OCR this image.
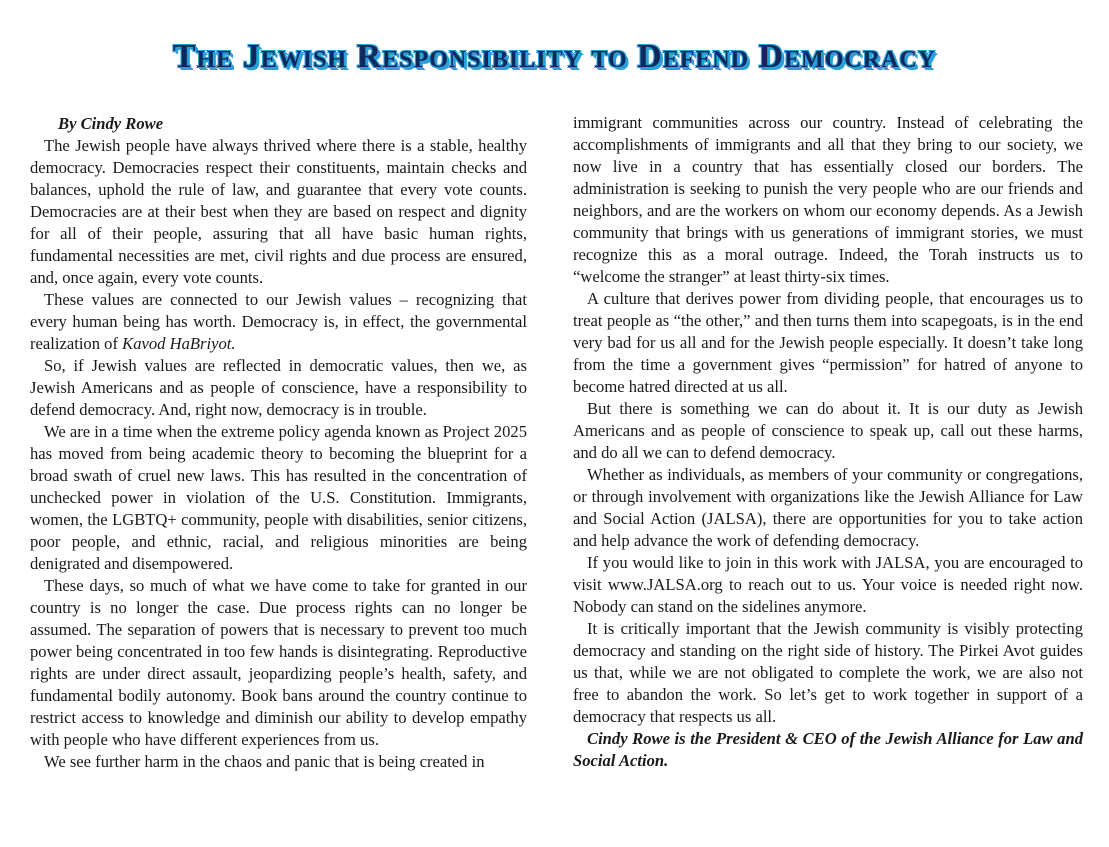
The Jewish Responsibility to Defend Democracy

By Cindy Rowe

The Jewish people have always thrived where there is a stable, healthy democracy. Democracies respect their constituents, maintain checks and balances, uphold the rule of law, and guarantee that every vote counts. Democracies are at their best when they are based on respect and dignity for all of their people, assuring that all have basic human rights, fundamental necessities are met, civil rights and due process are ensured, and, once again, every vote counts.

These values are connected to our Jewish values – recognizing that every human being has worth. Democracy is, in effect, the governmental realization of Kavod HaBriyot.

So, if Jewish values are reflected in democratic values, then we, as Jewish Americans and as people of conscience, have a responsibility to defend democracy. And, right now, democracy is in trouble.

We are in a time when the extreme policy agenda known as Project 2025 has moved from being academic theory to becoming the blueprint for a broad swath of cruel new laws. This has resulted in the concentration of unchecked power in violation of the U.S. Constitution. Immigrants, women, the LGBTQ+ community, people with disabilities, senior citizens, poor people, and ethnic, racial, and religious minorities are being denigrated and disempowered.

These days, so much of what we have come to take for granted in our country is no longer the case. Due process rights can no longer be assumed. The separation of powers that is necessary to prevent too much power being concentrated in too few hands is disintegrating. Reproductive rights are under direct assault, jeopardizing people’s health, safety, and fundamental bodily autonomy. Book bans around the country continue to restrict access to knowledge and diminish our ability to develop empathy with people who have different experiences from us.

We see further harm in the chaos and panic that is being created in

immigrant communities across our country. Instead of celebrating the accomplishments of immigrants and all that they bring to our society, we now live in a country that has essentially closed our borders. The administration is seeking to punish the very people who are our friends and neighbors, and are the workers on whom our economy depends. As a Jewish community that brings with us generations of immigrant stories, we must recognize this as a moral outrage. Indeed, the Torah instructs us to “welcome the stranger” at least thirty-six times.

A culture that derives power from dividing people, that encourages us to treat people as “the other,” and then turns them into scapegoats, is in the end very bad for us all and for the Jewish people especially. It doesn’t take long from the time a government gives “permission” for hatred of anyone to become hatred directed at us all.

But there is something we can do about it. It is our duty as Jewish Americans and as people of conscience to speak up, call out these harms, and do all we can to defend democracy.

Whether as individuals, as members of your community or congregations, or through involvement with organizations like the Jewish Alliance for Law and Social Action (JALSA), there are opportunities for you to take action and help advance the work of defending democracy.

If you would like to join in this work with JALSA, you are encouraged to visit www.JALSA.org to reach out to us. Your voice is needed right now. Nobody can stand on the sidelines anymore.

It is critically important that the Jewish community is visibly protecting democracy and standing on the right side of history. The Pirkei Avot guides us that, while we are not obligated to complete the work, we are also not free to abandon the work. So let’s get to work together in support of a democracy that respects us all.

Cindy Rowe is the President & CEO of the Jewish Alliance for Law and Social Action.
